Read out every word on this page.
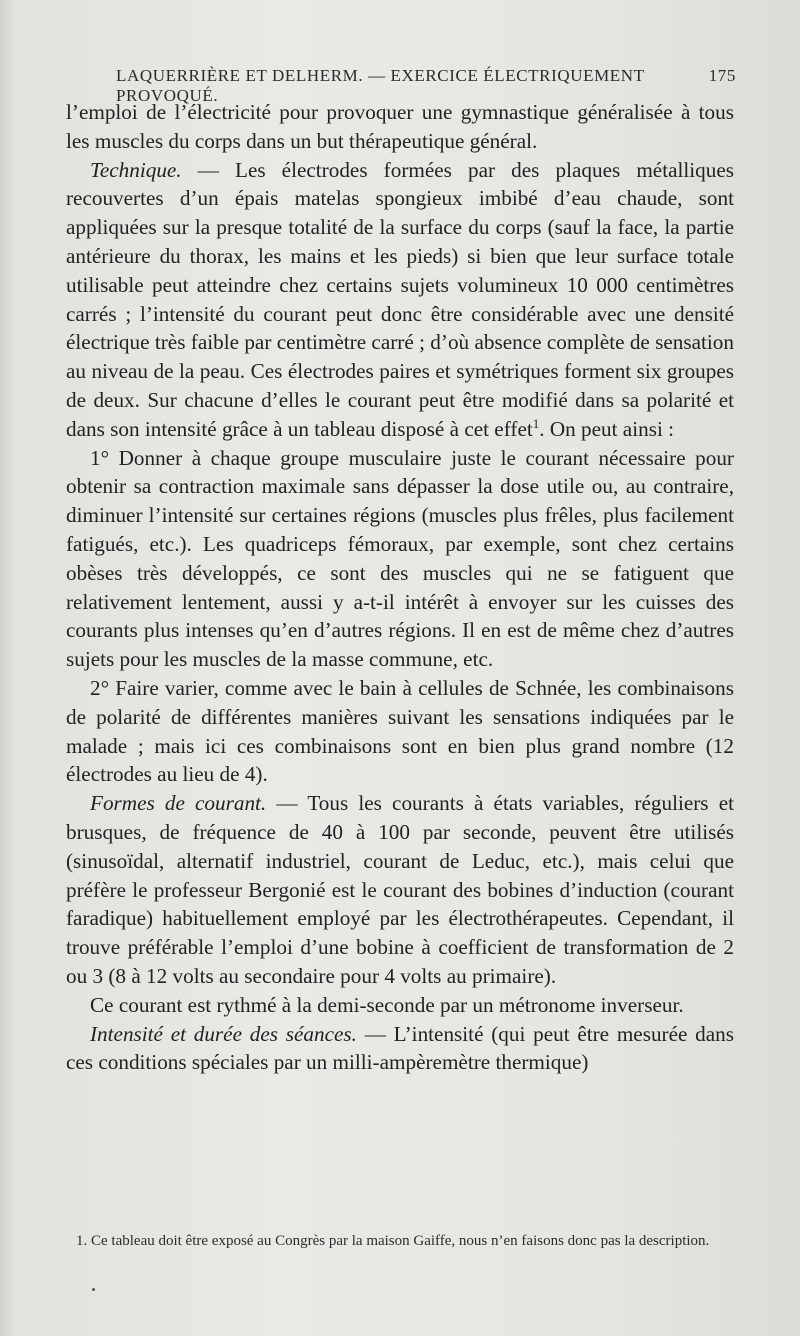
LAQUERRIÈRE ET DELHERM. — EXERCICE ÉLECTRIQUEMENT PROVOQUÉ.
175

l’emploi de l’électricité pour provoquer une gymnastique généralisée à tous les muscles du corps dans un but thérapeutique général.

Technique. — Les électrodes formées par des plaques métalliques recouvertes d’un épais matelas spongieux imbibé d’eau chaude, sont appliquées sur la presque totalité de la surface du corps (sauf la face, la partie antérieure du thorax, les mains et les pieds) si bien que leur surface totale utilisable peut atteindre chez certains sujets volumineux 10 000 centimètres carrés ; l’intensité du courant peut donc être considérable avec une densité électrique très faible par centimètre carré ; d’où absence complète de sensation au niveau de la peau. Ces électrodes paires et symétriques forment six groupes de deux. Sur chacune d’elles le courant peut être modifié dans sa polarité et dans son intensité grâce à un tableau disposé à cet effet$^1$. On peut ainsi :

1° Donner à chaque groupe musculaire juste le courant nécessaire pour obtenir sa contraction maximale sans dépasser la dose utile ou, au contraire, diminuer l’intensité sur certaines régions (muscles plus frêles, plus facilement fatigués, etc.). Les quadriceps fémoraux, par exemple, sont chez certains obèses très développés, ce sont des muscles qui ne se fatiguent que relativement lentement, aussi y a-t-il intérêt à envoyer sur les cuisses des courants plus intenses qu’en d’autres régions. Il en est de même chez d’autres sujets pour les muscles de la masse commune, etc.

2° Faire varier, comme avec le bain à cellules de Schnée, les combinaisons de polarité de différentes manières suivant les sensations indiquées par le malade ; mais ici ces combinaisons sont en bien plus grand nombre (12 électrodes au lieu de 4).

Formes de courant. — Tous les courants à états variables, réguliers et brusques, de fréquence de 40 à 100 par seconde, peuvent être utilisés (sinusoïdal, alternatif industriel, courant de Leduc, etc.), mais celui que préfère le professeur Bergonié est le courant des bobines d’induction (courant faradique) habituellement employé par les électrothérapeutes. Cependant, il trouve préférable l’emploi d’une bobine à coefficient de transformation de 2 ou 3 (8 à 12 volts au secondaire pour 4 volts au primaire).

Ce courant est rythmé à la demi-seconde par un métronome inverseur.

Intensité et durée des séances. — L’intensité (qui peut être mesurée dans ces conditions spéciales par un milli-ampèremètre thermique)

1. Ce tableau doit être exposé au Congrès par la maison Gaiffe, nous n’en faisons donc pas la description.
